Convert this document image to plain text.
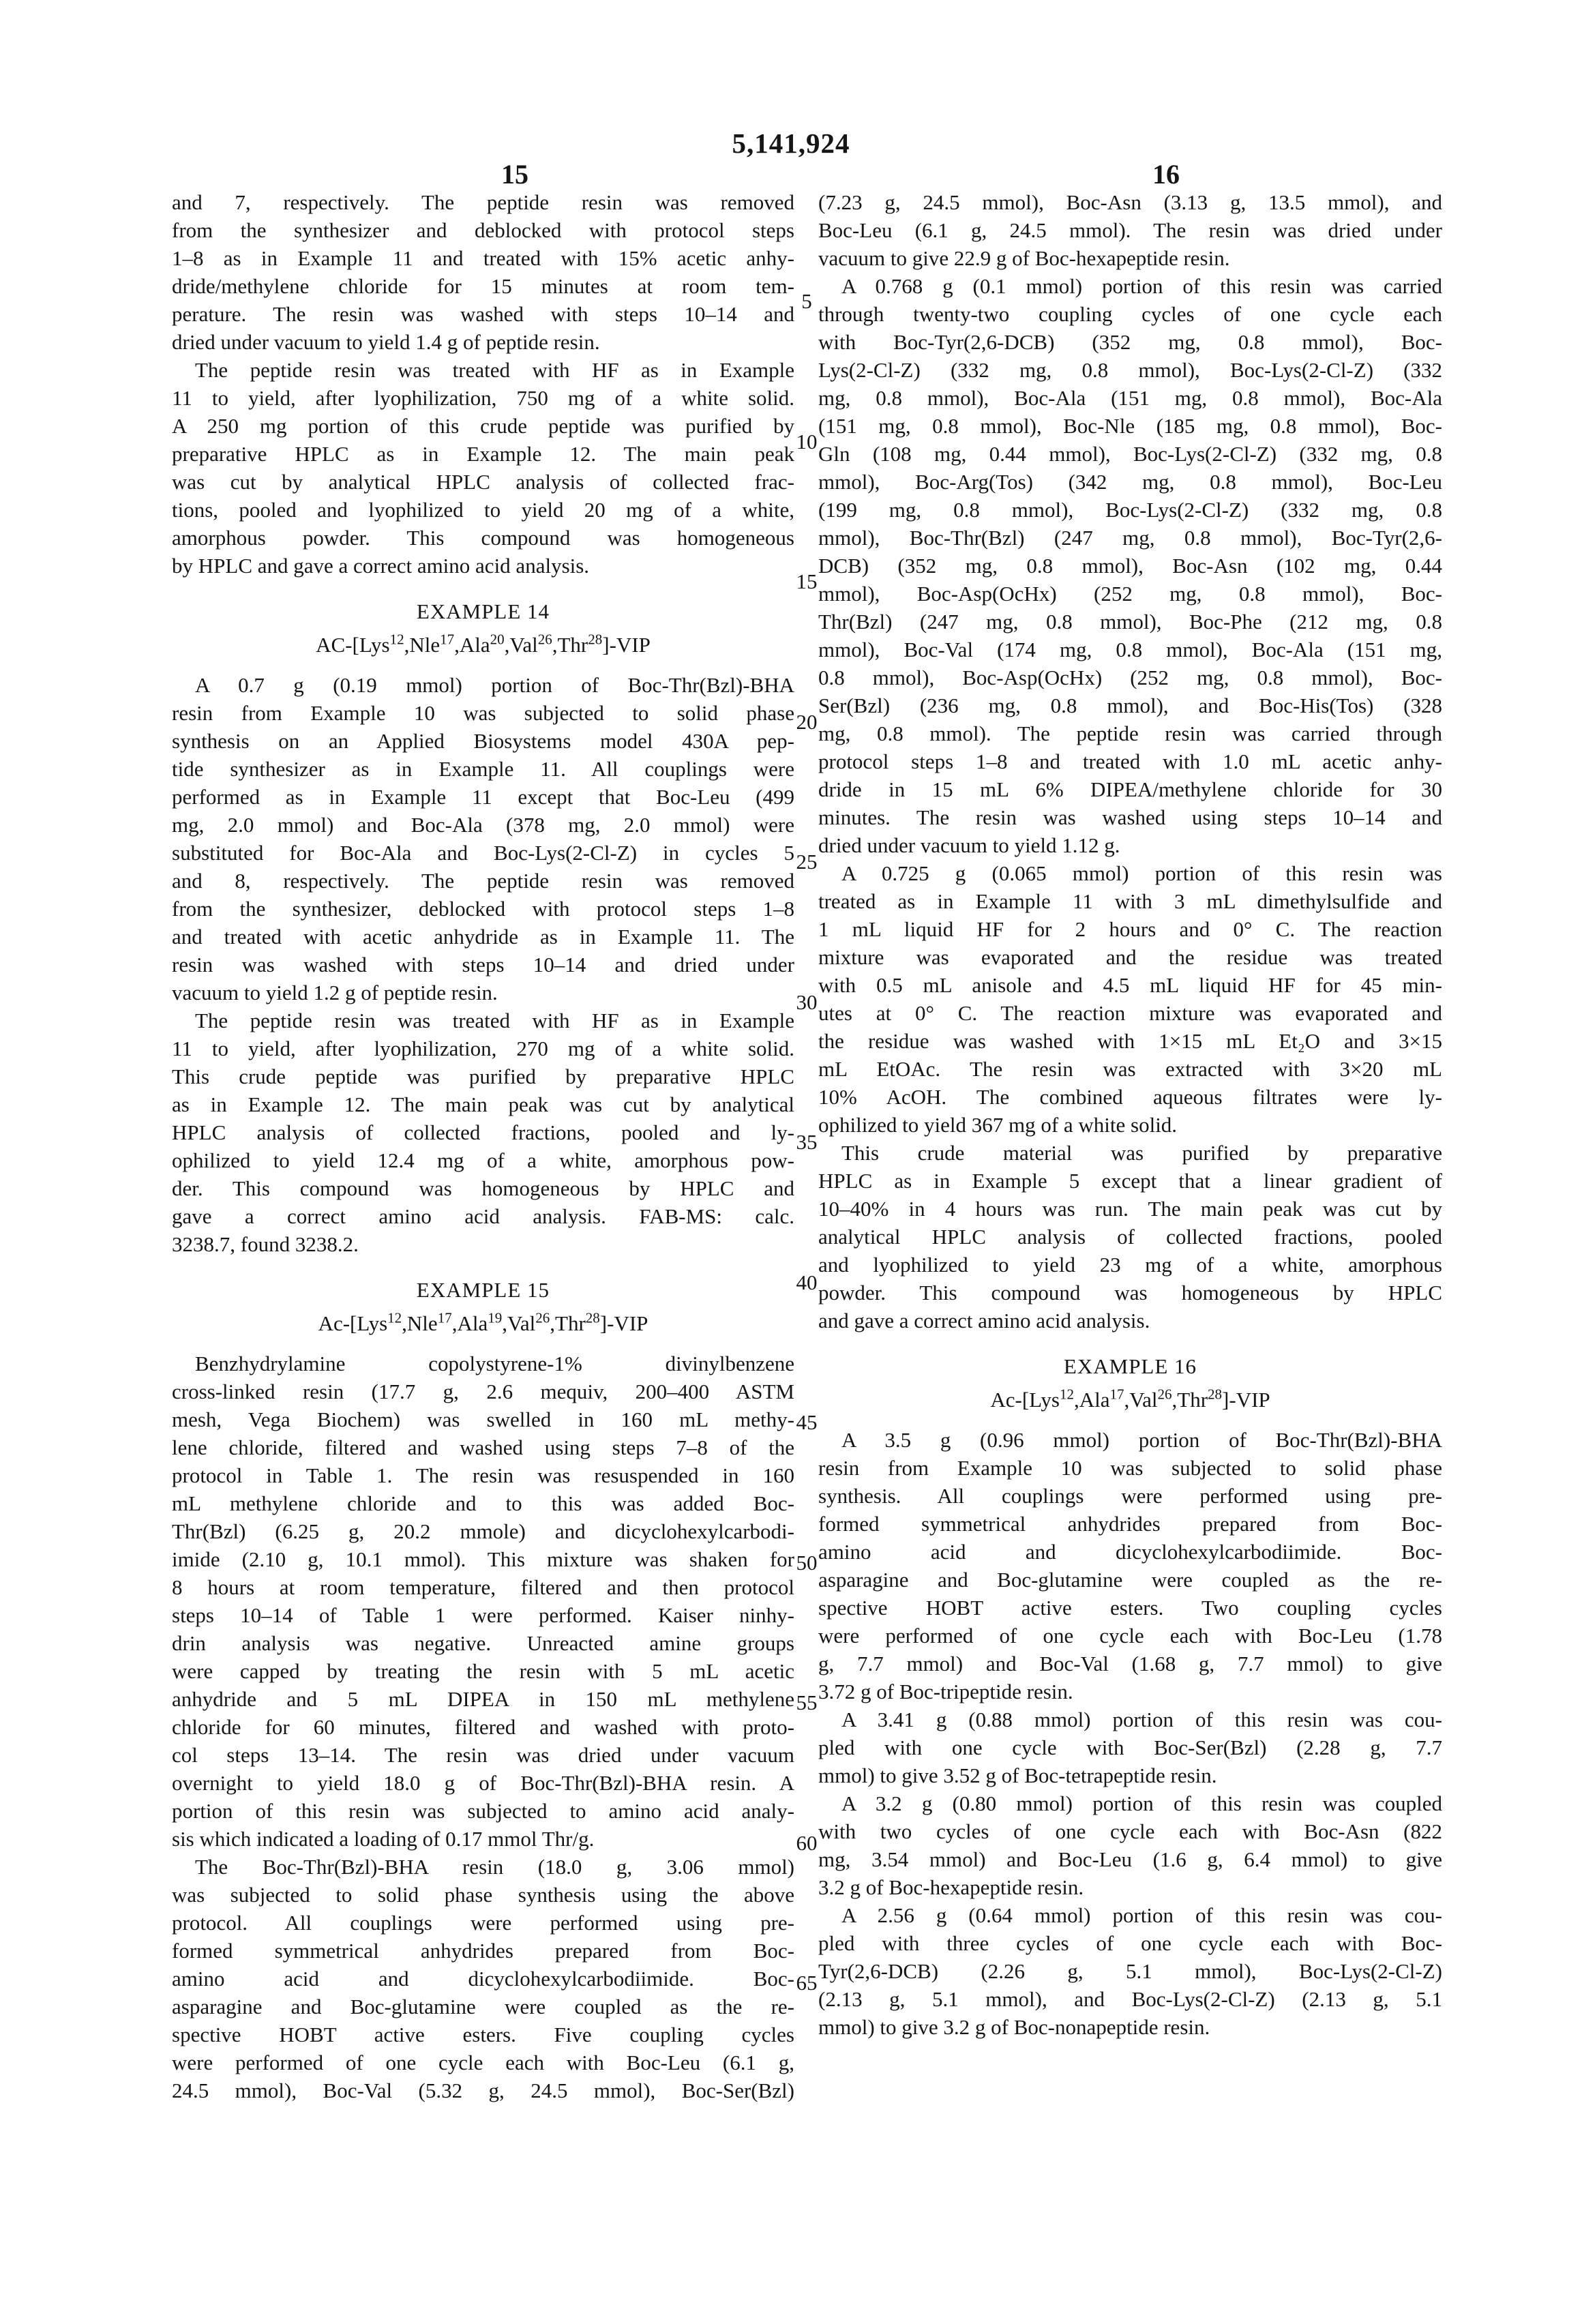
5,141,924
15	16
and 7, respectively. The peptide resin was removed
from the synthesizer and deblocked with protocol steps
1–8 as in Example 11 and treated with 15% acetic anhy-
dride/methylene chloride for 15 minutes at room tem-
perature. The resin was washed with steps 10–14 and
dried under vacuum to yield 1.4 g of peptide resin.
The peptide resin was treated with HF as in Example
11 to yield, after lyophilization, 750 mg of a white solid.
A 250 mg portion of this crude peptide was purified by
preparative HPLC as in Example 12. The main peak
was cut by analytical HPLC analysis of collected frac-
tions, pooled and lyophilized to yield 20 mg of a white,
amorphous powder. This compound was homogeneous
by HPLC and gave a correct amino acid analysis.
EXAMPLE 14
AC-[Lys$^{12}$,Nle$^{17}$,Ala$^{20}$,Val$^{26}$,Thr$^{28}$]-VIP
A 0.7 g (0.19 mmol) portion of Boc-Thr(Bzl)-BHA
resin from Example 10 was subjected to solid phase
synthesis on an Applied Biosystems model 430A pep-
tide synthesizer as in Example 11. All couplings were
performed as in Example 11 except that Boc-Leu (499
mg, 2.0 mmol) and Boc-Ala (378 mg, 2.0 mmol) were
substituted for Boc-Ala and Boc-Lys(2-Cl-Z) in cycles 5
and 8, respectively. The peptide resin was removed
from the synthesizer, deblocked with protocol steps 1–8
and treated with acetic anhydride as in Example 11. The
resin was washed with steps 10–14 and dried under
vacuum to yield 1.2 g of peptide resin.
The peptide resin was treated with HF as in Example
11 to yield, after lyophilization, 270 mg of a white solid.
This crude peptide was purified by preparative HPLC
as in Example 12. The main peak was cut by analytical
HPLC analysis of collected fractions, pooled and ly-
ophilized to yield 12.4 mg of a white, amorphous pow-
der. This compound was homogeneous by HPLC and
gave a correct amino acid analysis. FAB-MS: calc.
3238.7, found 3238.2.
EXAMPLE 15
Ac-[Lys$^{12}$,Nle$^{17}$,Ala$^{19}$,Val$^{26}$,Thr$^{28}$]-VIP
Benzhydrylamine copolystyrene-1% divinylbenzene
cross-linked resin (17.7 g, 2.6 mequiv, 200–400 ASTM
mesh, Vega Biochem) was swelled in 160 mL methy-
lene chloride, filtered and washed using steps 7–8 of the
protocol in Table 1. The resin was resuspended in 160
mL methylene chloride and to this was added Boc-
Thr(Bzl) (6.25 g, 20.2 mmole) and dicyclohexylcarbodi-
imide (2.10 g, 10.1 mmol). This mixture was shaken for
8 hours at room temperature, filtered and then protocol
steps 10–14 of Table 1 were performed. Kaiser ninhy-
drin analysis was negative. Unreacted amine groups
were capped by treating the resin with 5 mL acetic
anhydride and 5 mL DIPEA in 150 mL methylene
chloride for 60 minutes, filtered and washed with proto-
col steps 13–14. The resin was dried under vacuum
overnight to yield 18.0 g of Boc-Thr(Bzl)-BHA resin. A
portion of this resin was subjected to amino acid analy-
sis which indicated a loading of 0.17 mmol Thr/g.
The Boc-Thr(Bzl)-BHA resin (18.0 g, 3.06 mmol)
was subjected to solid phase synthesis using the above
protocol. All couplings were performed using pre-
formed symmetrical anhydrides prepared from Boc-
amino acid and dicyclohexylcarbodiimide. Boc-
asparagine and Boc-glutamine were coupled as the re-
spective HOBT active esters. Five coupling cycles
were performed of one cycle each with Boc-Leu (6.1 g,
24.5 mmol), Boc-Val (5.32 g, 24.5 mmol), Boc-Ser(Bzl)
(7.23 g, 24.5 mmol), Boc-Asn (3.13 g, 13.5 mmol), and
Boc-Leu (6.1 g, 24.5 mmol). The resin was dried under
vacuum to give 22.9 g of Boc-hexapeptide resin.
A 0.768 g (0.1 mmol) portion of this resin was carried
through twenty-two coupling cycles of one cycle each
with Boc-Tyr(2,6-DCB) (352 mg, 0.8 mmol), Boc-
Lys(2-Cl-Z) (332 mg, 0.8 mmol), Boc-Lys(2-Cl-Z) (332
mg, 0.8 mmol), Boc-Ala (151 mg, 0.8 mmol), Boc-Ala
(151 mg, 0.8 mmol), Boc-Nle (185 mg, 0.8 mmol), Boc-
Gln (108 mg, 0.44 mmol), Boc-Lys(2-Cl-Z) (332 mg, 0.8
mmol), Boc-Arg(Tos) (342 mg, 0.8 mmol), Boc-Leu
(199 mg, 0.8 mmol), Boc-Lys(2-Cl-Z) (332 mg, 0.8
mmol), Boc-Thr(Bzl) (247 mg, 0.8 mmol), Boc-Tyr(2,6-
DCB) (352 mg, 0.8 mmol), Boc-Asn (102 mg, 0.44
mmol), Boc-Asp(OcHx) (252 mg, 0.8 mmol), Boc-
Thr(Bzl) (247 mg, 0.8 mmol), Boc-Phe (212 mg, 0.8
mmol), Boc-Val (174 mg, 0.8 mmol), Boc-Ala (151 mg,
0.8 mmol), Boc-Asp(OcHx) (252 mg, 0.8 mmol), Boc-
Ser(Bzl) (236 mg, 0.8 mmol), and Boc-His(Tos) (328
mg, 0.8 mmol). The peptide resin was carried through
protocol steps 1–8 and treated with 1.0 mL acetic anhy-
dride in 15 mL 6% DIPEA/methylene chloride for 30
minutes. The resin was washed using steps 10–14 and
dried under vacuum to yield 1.12 g.
A 0.725 g (0.065 mmol) portion of this resin was
treated as in Example 11 with 3 mL dimethylsulfide and
1 mL liquid HF for 2 hours and 0° C. The reaction
mixture was evaporated and the residue was treated
with 0.5 mL anisole and 4.5 mL liquid HF for 45 min-
utes at 0° C. The reaction mixture was evaporated and
the residue was washed with 1×15 mL Et₂O and 3×15
mL EtOAc. The resin was extracted with 3×20 mL
10% AcOH. The combined aqueous filtrates were ly-
ophilized to yield 367 mg of a white solid.
This crude material was purified by preparative
HPLC as in Example 5 except that a linear gradient of
10–40% in 4 hours was run. The main peak was cut by
analytical HPLC analysis of collected fractions, pooled
and lyophilized to yield 23 mg of a white, amorphous
powder. This compound was homogeneous by HPLC
and gave a correct amino acid analysis.
EXAMPLE 16
Ac-[Lys$^{12}$,Ala$^{17}$,Val$^{26}$,Thr$^{28}$]-VIP
A 3.5 g (0.96 mmol) portion of Boc-Thr(Bzl)-BHA
resin from Example 10 was subjected to solid phase
synthesis. All couplings were performed using pre-
formed symmetrical anhydrides prepared from Boc-
amino acid and dicyclohexylcarbodiimide. Boc-
asparagine and Boc-glutamine were coupled as the re-
spective HOBT active esters. Two coupling cycles
were performed of one cycle each with Boc-Leu (1.78
g, 7.7 mmol) and Boc-Val (1.68 g, 7.7 mmol) to give
3.72 g of Boc-tripeptide resin.
A 3.41 g (0.88 mmol) portion of this resin was cou-
pled with one cycle with Boc-Ser(Bzl) (2.28 g, 7.7
mmol) to give 3.52 g of Boc-tetrapeptide resin.
A 3.2 g (0.80 mmol) portion of this resin was coupled
with two cycles of one cycle each with Boc-Asn (822
mg, 3.54 mmol) and Boc-Leu (1.6 g, 6.4 mmol) to give
3.2 g of Boc-hexapeptide resin.
A 2.56 g (0.64 mmol) portion of this resin was cou-
pled with three cycles of one cycle each with Boc-
Tyr(2,6-DCB) (2.26 g, 5.1 mmol), Boc-Lys(2-Cl-Z)
(2.13 g, 5.1 mmol), and Boc-Lys(2-Cl-Z) (2.13 g, 5.1
mmol) to give 3.2 g of Boc-nonapeptide resin.
5
10
15
20
25
30
35
40
45
50
55
60
65
